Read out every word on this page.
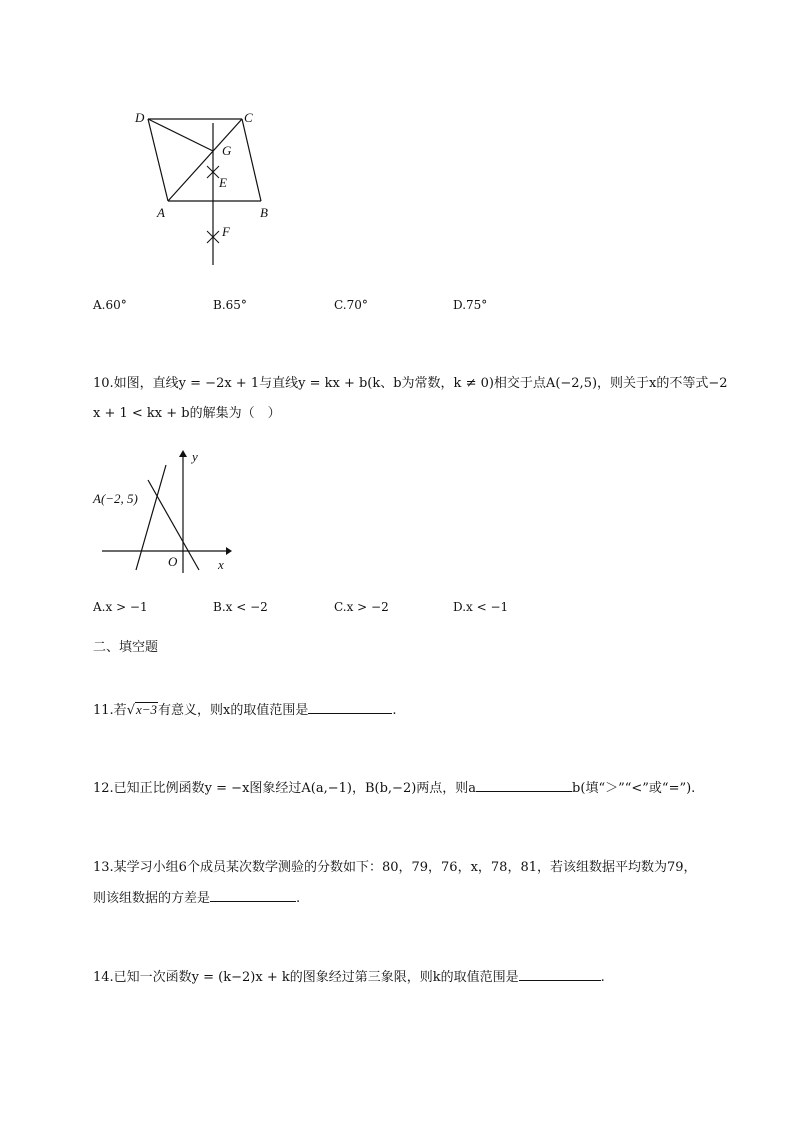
D	C
G
E
A	B
F
A.60°	B.65°	C.70°	D.75°
10.如图，直线y = −2x + 1与直线y = kx + b(k、b为常数，k ≠ 0)相交于点A(−2,5)，则关于x的不等式−2
x + 1 < kx + b的解集为（　）
A(−2, 5)
y
x
O
A.x > −1	B.x < −2	C.x > −2	D.x < −1
二、填空题
11.若√x−3有意义，则x的取值范围是	.
12.已知正比例函数y = −x图象经过A(a,−1)，B(b,−2)两点，则a	b(填“＞”“<”或“=”).
13.某学习小组6个成员某次数学测验的分数如下：80，79，76，x，78，81，若该组数据平均数为79，
则该组数据的方差是	.
14.已知一次函数y = (k−2)x + k的图象经过第三象限，则k的取值范围是	.
